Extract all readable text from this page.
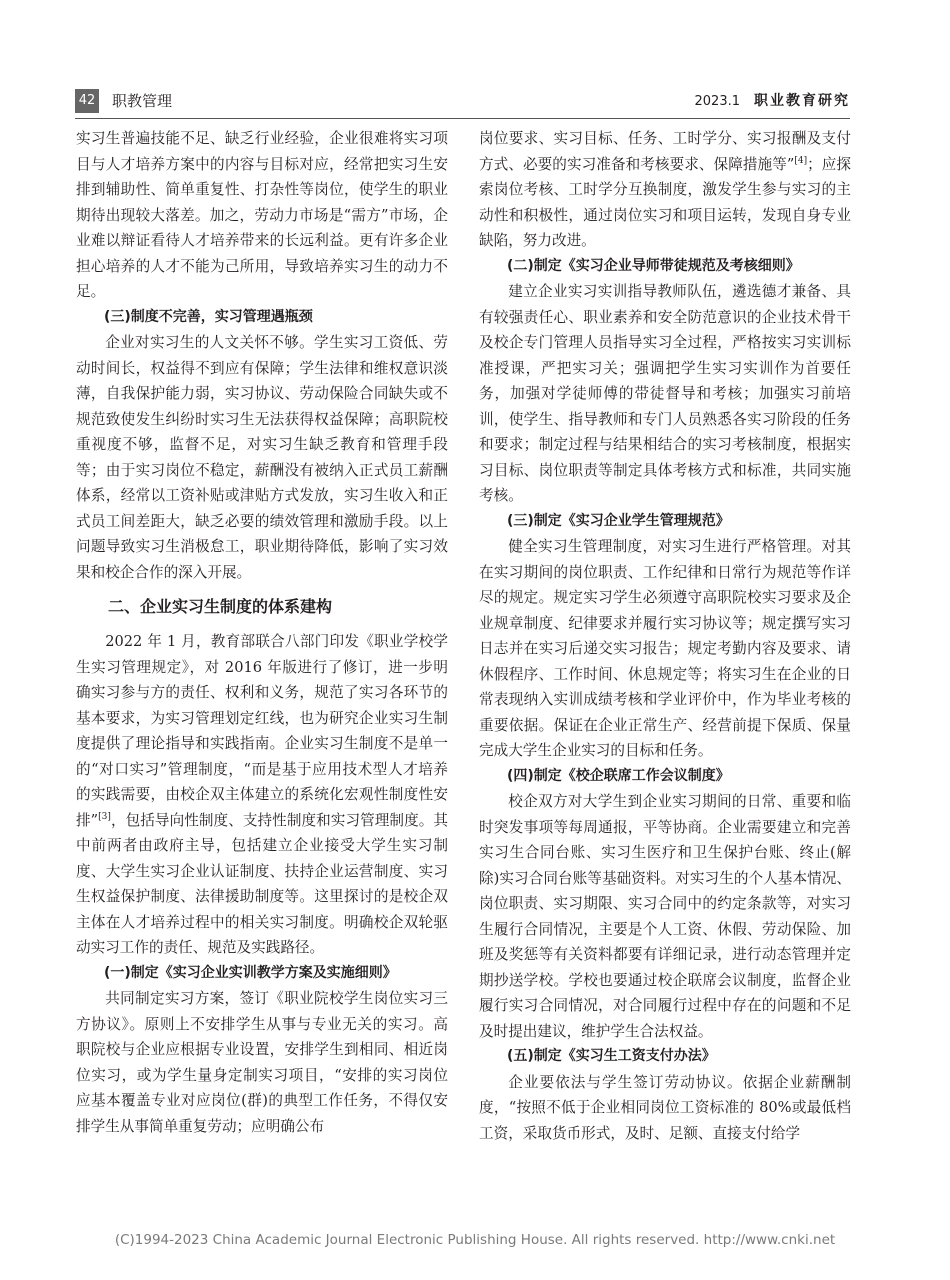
42 职教管理	2023.1 职业教育研究

实习生普遍技能不足、缺乏行业经验，企业很难将实习项目与人才培养方案中的内容与目标对应，经常把实习生安排到辅助性、简单重复性、打杂性等岗位，使学生的职业期待出现较大落差。加之，劳动力市场是“需方”市场，企业难以辩证看待人才培养带来的长远利益。更有许多企业担心培养的人才不能为己所用，导致培养实习生的动力不足。

(三)制度不完善，实习管理遇瓶颈

企业对实习生的人文关怀不够。学生实习工资低、劳动时间长，权益得不到应有保障；学生法律和维权意识淡薄，自我保护能力弱，实习协议、劳动保险合同缺失或不规范致使发生纠纷时实习生无法获得权益保障；高职院校重视度不够，监督不足，对实习生缺乏教育和管理手段等；由于实习岗位不稳定，薪酬没有被纳入正式员工薪酬体系，经常以工资补贴或津贴方式发放，实习生收入和正式员工间差距大，缺乏必要的绩效管理和激励手段。以上问题导致实习生消极怠工，职业期待降低，影响了实习效果和校企合作的深入开展。

二、企业实习生制度的体系建构

2022 年 1 月，教育部联合八部门印发《职业学校学生实习管理规定》，对 2016 年版进行了修订，进一步明确实习参与方的责任、权利和义务，规范了实习各环节的基本要求，为实习管理划定红线，也为研究企业实习生制度提供了理论指导和实践指南。企业实习生制度不是单一的“对口实习”管理制度，“而是基于应用技术型人才培养的实践需要，由校企双主体建立的系统化宏观性制度性安排”[3]，包括导向性制度、支持性制度和实习管理制度。其中前两者由政府主导，包括建立企业接受大学生实习制度、大学生实习企业认证制度、扶持企业运营制度、实习生权益保护制度、法律援助制度等。这里探讨的是校企双主体在人才培养过程中的相关实习制度。明确校企双轮驱动实习工作的责任、规范及实践路径。

(一)制定《实习企业实训教学方案及实施细则》

共同制定实习方案，签订《职业院校学生岗位实习三方协议》。原则上不安排学生从事与专业无关的实习。高职院校与企业应根据专业设置，安排学生到相同、相近岗位实习，或为学生量身定制实习项目，“安排的实习岗位应基本覆盖专业对应岗位(群)的典型工作任务，不得仅安排学生从事简单重复劳动；应明确公布

岗位要求、实习目标、任务、工时学分、实习报酬及支付方式、必要的实习准备和考核要求、保障措施等”[4]；应探索岗位考核、工时学分互换制度，激发学生参与实习的主动性和积极性，通过岗位实习和项目运转，发现自身专业缺陷，努力改进。

(二)制定《实习企业导师带徒规范及考核细则》

建立企业实习实训指导教师队伍，遴选德才兼备、具有较强责任心、职业素养和安全防范意识的企业技术骨干及校企专门管理人员指导实习全过程，严格按实习实训标准授课，严把实习关；强调把学生实习实训作为首要任务，加强对学徒师傅的带徒督导和考核；加强实习前培训，使学生、指导教师和专门人员熟悉各实习阶段的任务和要求；制定过程与结果相结合的实习考核制度，根据实习目标、岗位职责等制定具体考核方式和标准，共同实施考核。

(三)制定《实习企业学生管理规范》

健全实习生管理制度，对实习生进行严格管理。对其在实习期间的岗位职责、工作纪律和日常行为规范等作详尽的规定。规定实习学生必须遵守高职院校实习要求及企业规章制度、纪律要求并履行实习协议等；规定撰写实习日志并在实习后递交实习报告；规定考勤内容及要求、请休假程序、工作时间、休息规定等；将实习生在企业的日常表现纳入实训成绩考核和学业评价中，作为毕业考核的重要依据。保证在企业正常生产、经营前提下保质、保量完成大学生企业实习的目标和任务。

(四)制定《校企联席工作会议制度》

校企双方对大学生到企业实习期间的日常、重要和临时突发事项等每周通报，平等协商。企业需要建立和完善实习生合同台账、实习生医疗和卫生保护台账、终止(解除)实习合同台账等基础资料。对实习生的个人基本情况、岗位职责、实习期限、实习合同中的约定条款等，对实习生履行合同情况，主要是个人工资、休假、劳动保险、加班及奖惩等有关资料都要有详细记录，进行动态管理并定期抄送学校。学校也要通过校企联席会议制度，监督企业履行实习合同情况，对合同履行过程中存在的问题和不足及时提出建议，维护学生合法权益。

(五)制定《实习生工资支付办法》

企业要依法与学生签订劳动协议。依据企业薪酬制度，“按照不低于企业相同岗位工资标准的 80%或最低档工资，采取货币形式，及时、足额、直接支付给学

(C)1994-2023 China Academic Journal Electronic Publishing House. All rights reserved. http://www.cnki.net
